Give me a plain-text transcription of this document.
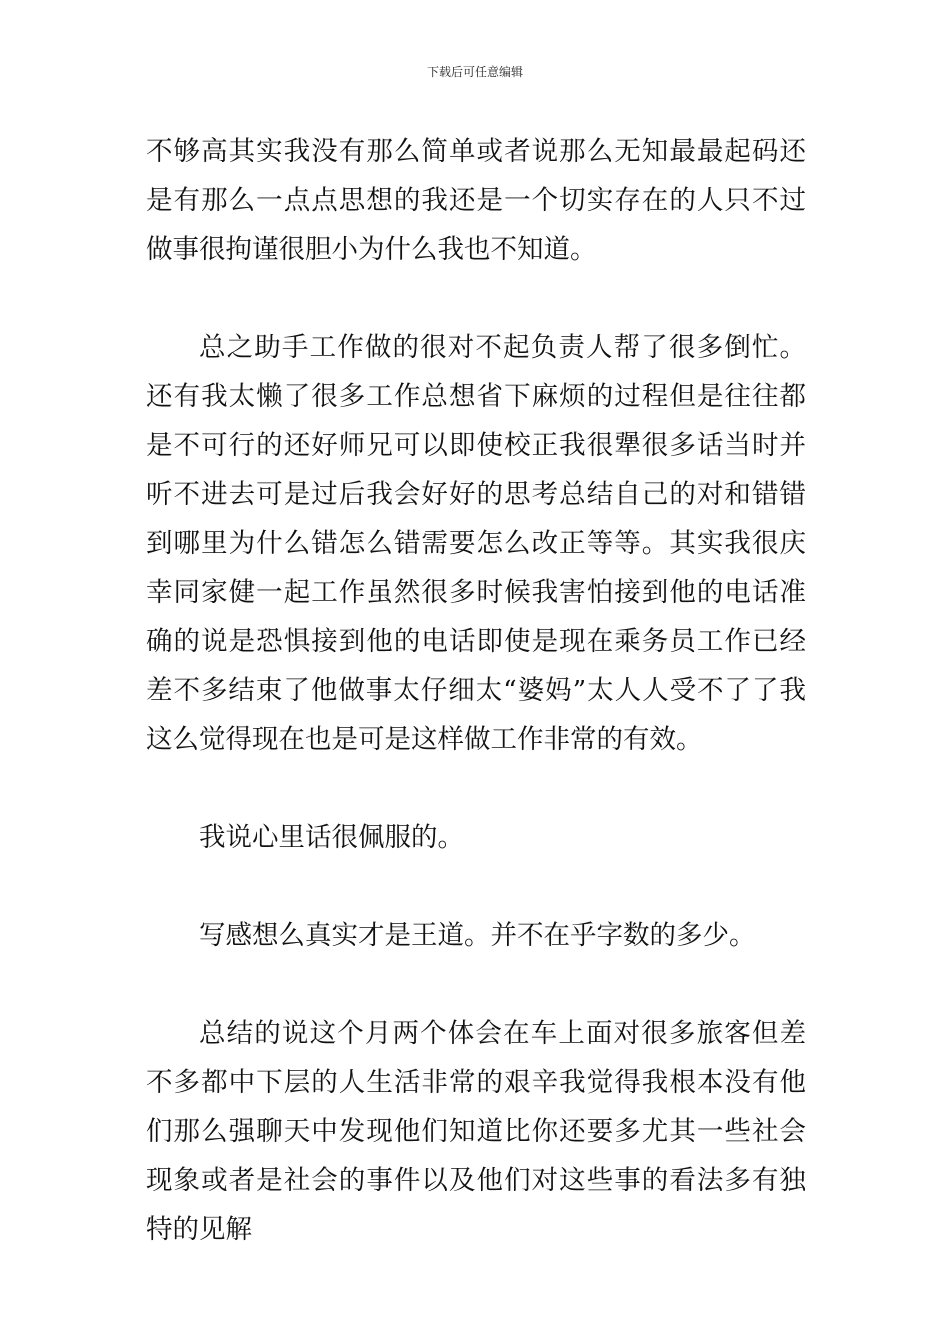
下载后可任意编辑

不够高其实我没有那么简单或者说那么无知最最起码还是有那么一点点思想的我还是一个切实存在的人只不过做事很拘谨很胆小为什么我也不知道。

总之助手工作做的很对不起负责人帮了很多倒忙。还有我太懒了很多工作总想省下麻烦的过程但是往往都是不可行的还好师兄可以即使校正我很犟很多话当时并听不进去可是过后我会好好的思考总结自己的对和错错到哪里为什么错怎么错需要怎么改正等等。其实我很庆幸同家健一起工作虽然很多时候我害怕接到他的电话准确的说是恐惧接到他的电话即使是现在乘务员工作已经差不多结束了他做事太仔细太“婆妈”太人人受不了了我这么觉得现在也是可是这样做工作非常的有效。

我说心里话很佩服的。

写感想么真实才是王道。并不在乎字数的多少。

总结的说这个月两个体会在车上面对很多旅客但差不多都中下层的人生活非常的艰辛我觉得我根本没有他们那么强聊天中发现他们知道比你还要多尤其一些社会现象或者是社会的事件以及他们对这些事的看法多有独特的见解
